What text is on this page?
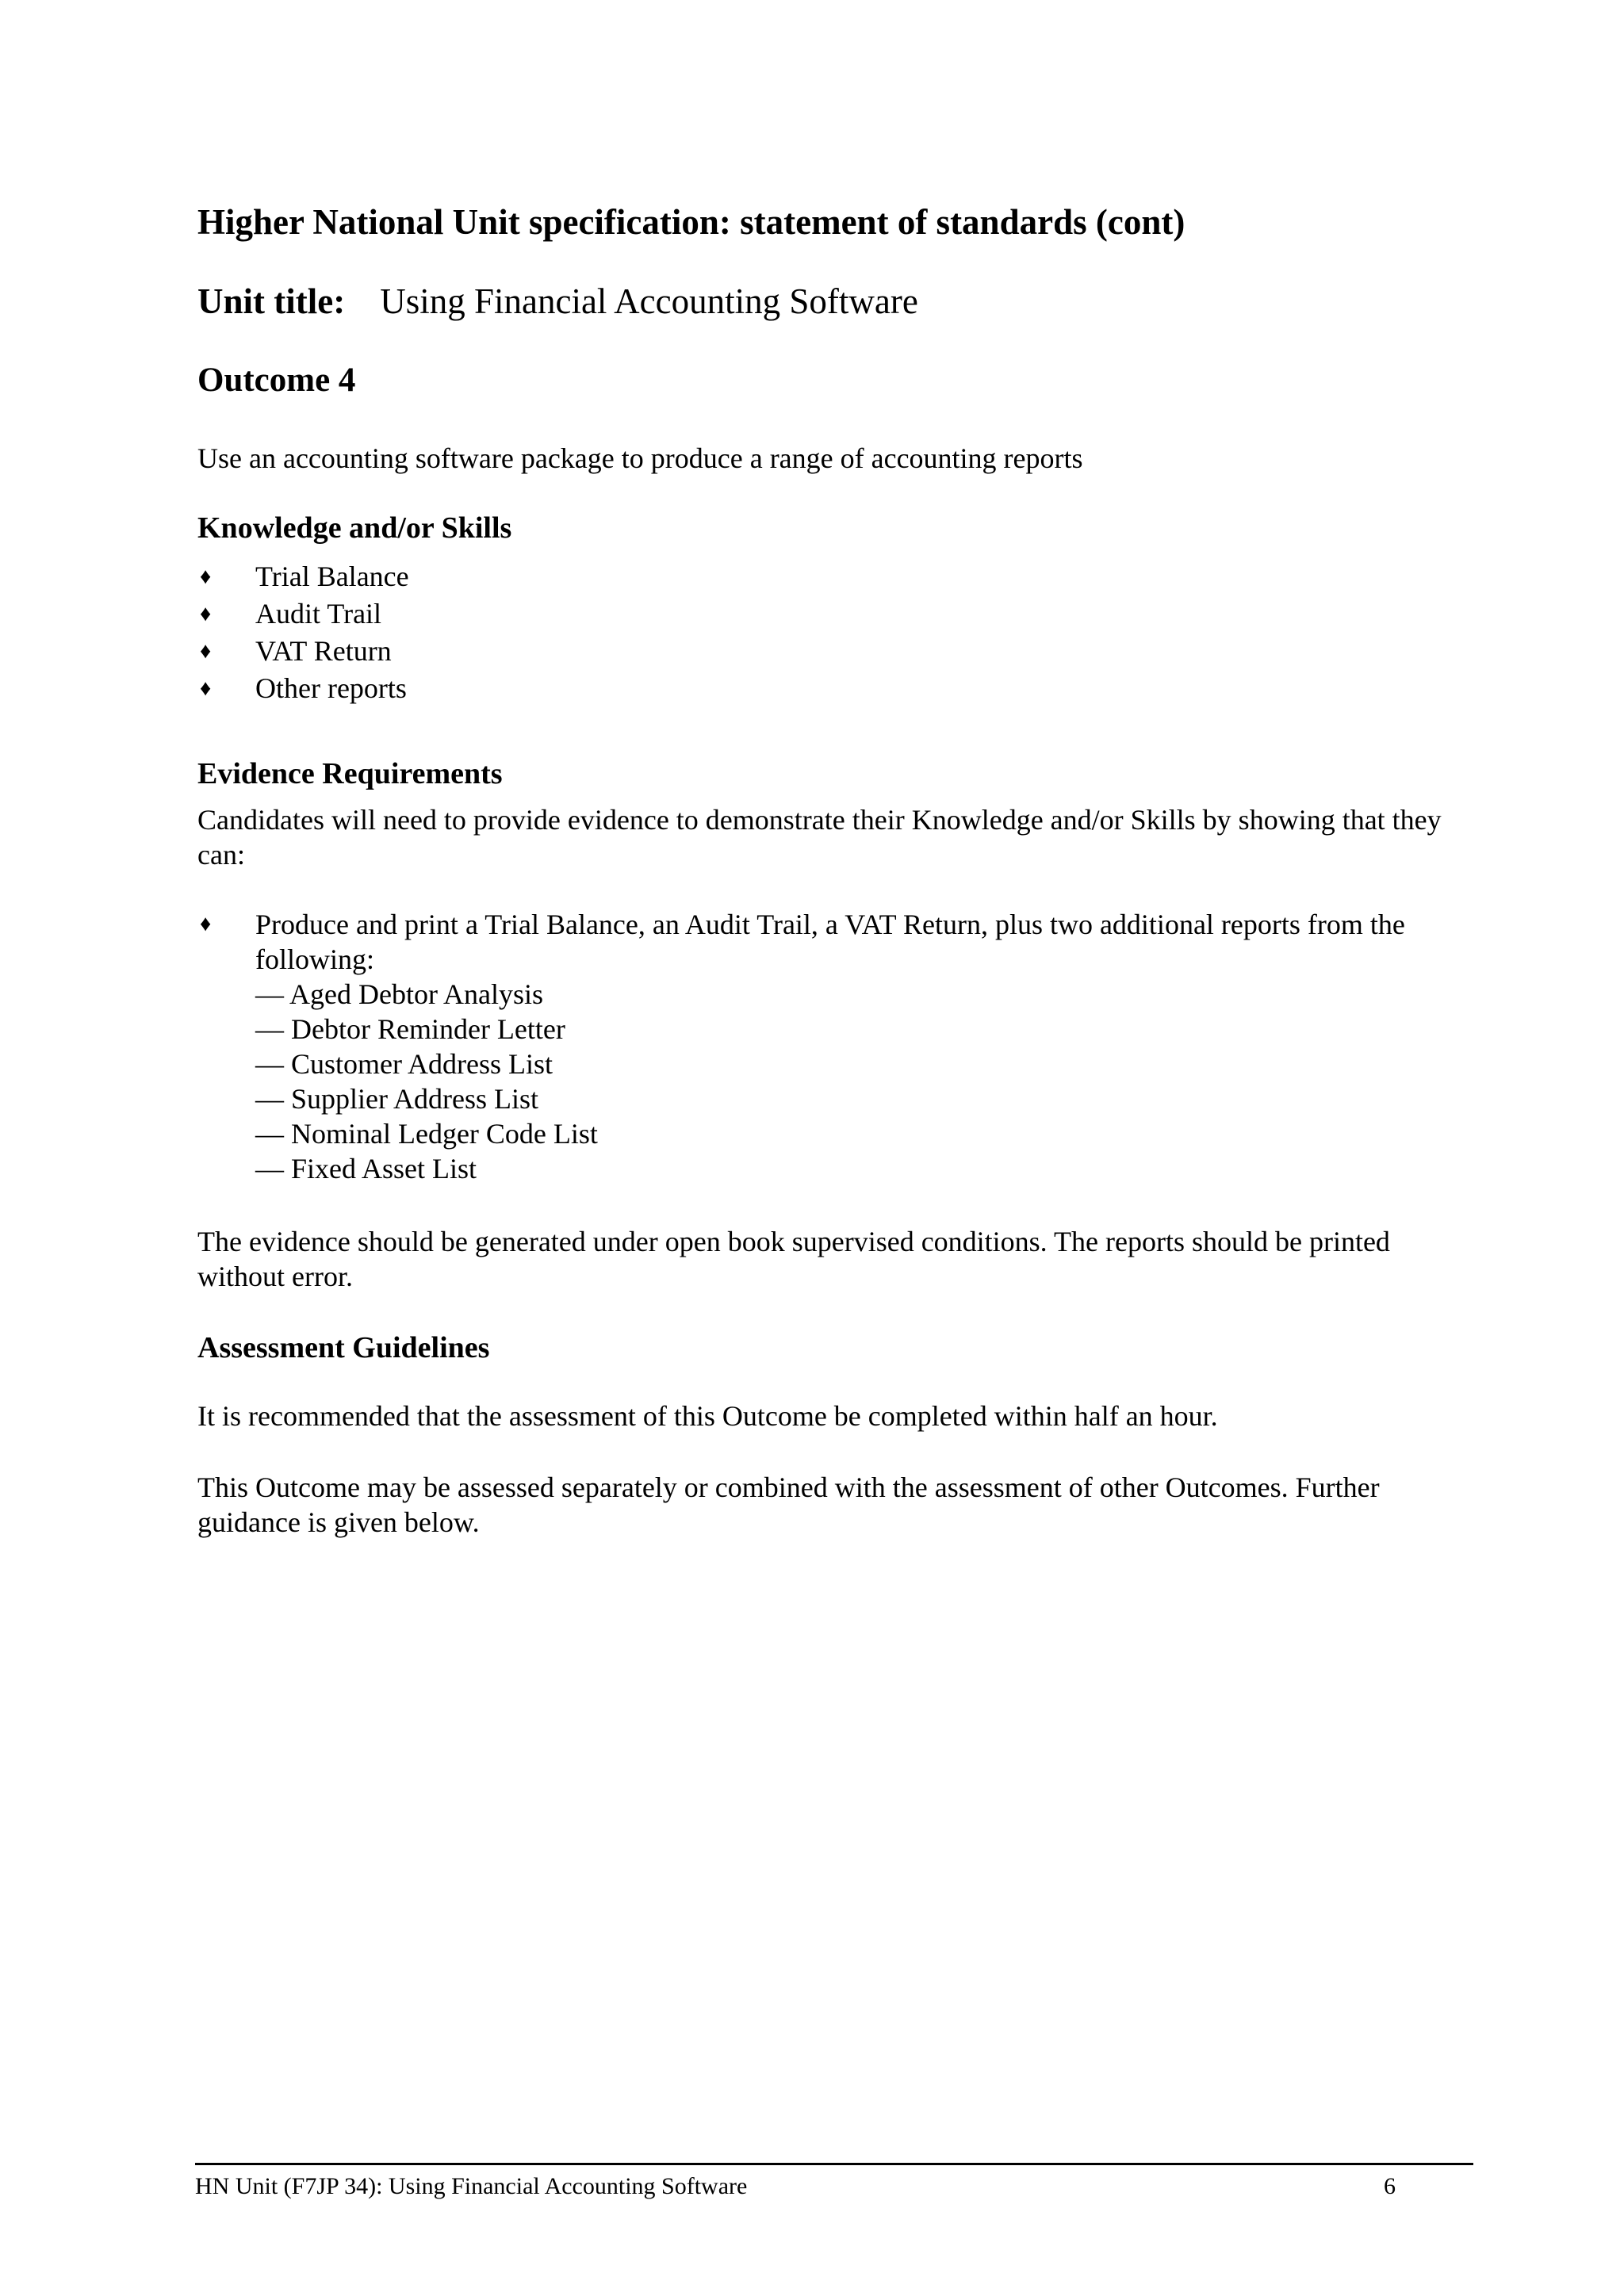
Higher National Unit specification: statement of standards (cont)
Unit title: Using Financial Accounting Software
Outcome 4

Use an accounting software package to produce a range of accounting reports

Knowledge and/or Skills
♦ Trial Balance
♦ Audit Trail
♦ VAT Return
♦ Other reports
Evidence Requirements

Candidates will need to provide evidence to demonstrate their Knowledge and/or Skills by showing that they can:

♦ Produce and print a Trial Balance, an Audit Trail, a VAT Return, plus two additional reports from the following:
— Aged Debtor Analysis
— Debtor Reminder Letter
— Customer Address List
— Supplier Address List
— Nominal Ledger Code List
— Fixed Asset List

The evidence should be generated under open book supervised conditions. The reports should be printed without error.

Assessment Guidelines

It is recommended that the assessment of this Outcome be completed within half an hour.

This Outcome may be assessed separately or combined with the assessment of other Outcomes. Further guidance is given below.

HN Unit (F7JP 34): Using Financial Accounting Software	6
